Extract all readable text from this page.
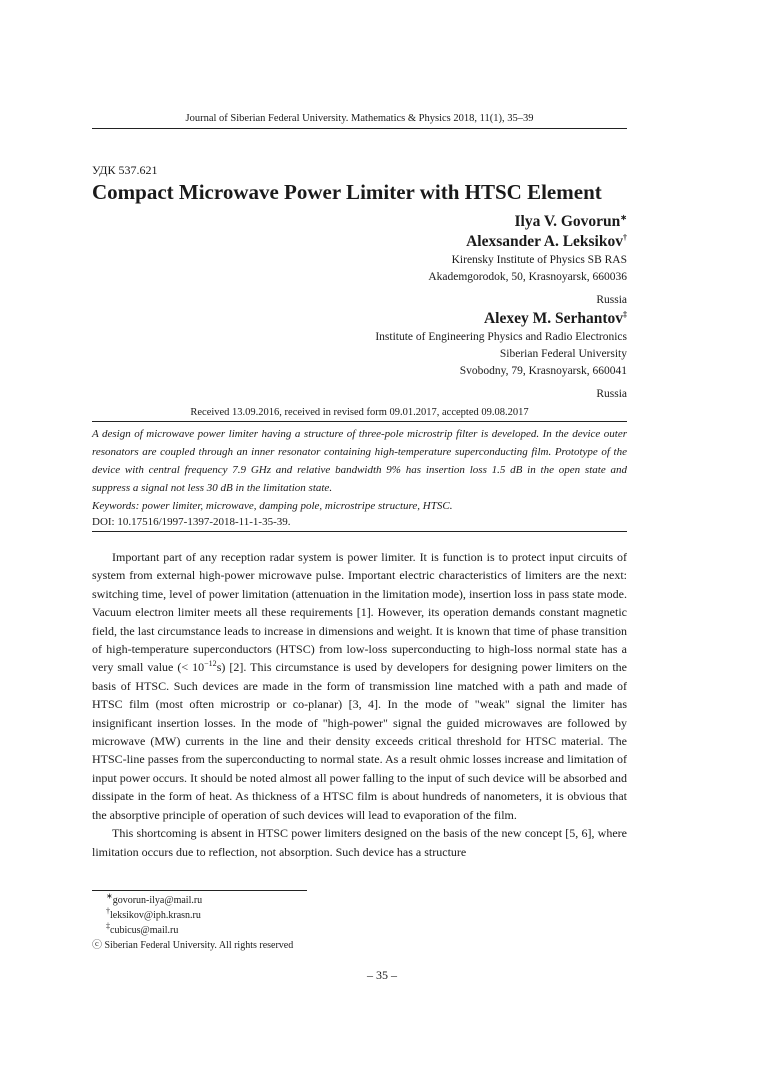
Journal of Siberian Federal University. Mathematics & Physics 2018, 11(1), 35–39
УДК 537.621
Compact Microwave Power Limiter with HTSC Element
Ilya V. Govorun∗
Alexsander A. Leksikov†
Kirensky Institute of Physics SB RAS
Akademgorodok, 50, Krasnoyarsk, 660036
Russia
Alexey M. Serhantov‡
Institute of Engineering Physics and Radio Electronics
Siberian Federal University
Svobodny, 79, Krasnoyarsk, 660041
Russia
Received 13.09.2016, received in revised form 09.01.2017, accepted 09.08.2017
A design of microwave power limiter having a structure of three-pole microstrip filter is developed. In the device outer resonators are coupled through an inner resonator containing high-temperature superconducting film. Prototype of the device with central frequency 7.9 GHz and relative bandwidth 9% has insertion loss 1.5 dB in the open state and suppress a signal not less 30 dB in the limitation state.
Keywords: power limiter, microwave, damping pole, microstripe structure, HTSC.
DOI: 10.17516/1997-1397-2018-11-1-35-39.

Important part of any reception radar system is power limiter. It is function is to protect input circuits of system from external high-power microwave pulse. Important electric characteristics of limiters are the next: switching time, level of power limitation (attenuation in the limitation mode), insertion loss in pass state mode. Vacuum electron limiter meets all these requirements [1]. However, its operation demands constant magnetic field, the last circumstance leads to increase in dimensions and weight. It is known that time of phase transition of high-temperature superconductors (HTSC) from low-loss superconducting to high-loss normal state has a very small value (< $10^{-12}s$) [2]. This circumstance is used by developers for designing power limiters on the basis of HTSC. Such devices are made in the form of transmission line matched with a path and made of HTSC film (most often microstrip or co-planar) [3, 4]. In the mode of "weak" signal the limiter has insignificant insertion losses. In the mode of "high-power" signal the guided microwaves are followed by microwave (MW) currents in the line and their density exceeds critical threshold for HTSC material. The HTSC-line passes from the superconducting to normal state. As a result ohmic losses increase and limitation of input power occurs. It should be noted almost all power falling to the input of such device will be absorbed and dissipate in the form of heat. As thickness of a HTSC film is about hundreds of nanometers, it is obvious that the absorptive principle of operation of such devices will lead to evaporation of the film.

This shortcoming is absent in HTSC power limiters designed on the basis of the new concept [5, 6], where limitation occurs due to reflection, not absorption. Such device has a structure

∗govorun-ilya@mail.ru
†leksikov@iph.krasn.ru
‡cubicus@mail.ru
ⓒ Siberian Federal University. All rights reserved
– 35 –
